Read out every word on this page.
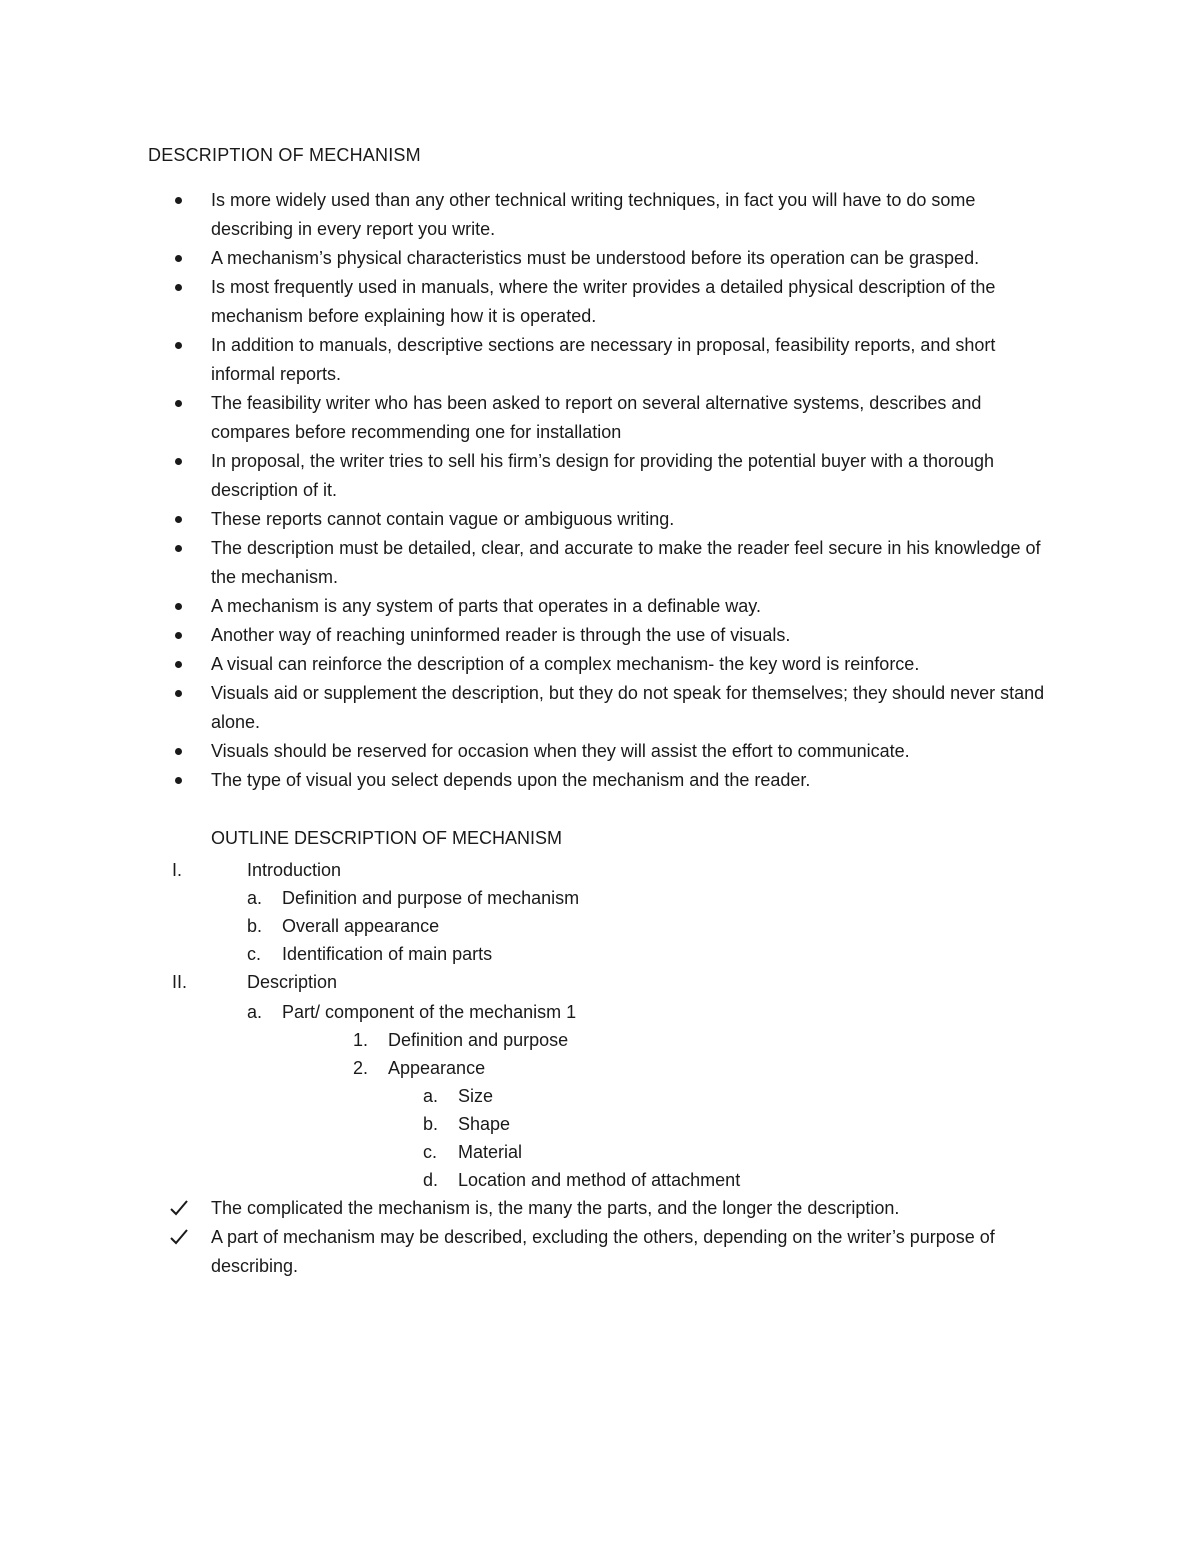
DESCRIPTION OF MECHANISM
Is more widely used than any other technical writing techniques, in fact you will have to do some describing in every report you write.
A mechanism’s physical characteristics must be understood before its operation can be grasped.
Is most frequently used in manuals, where the writer provides a detailed physical description of the mechanism before explaining how it is operated.
In addition to manuals, descriptive sections are necessary in proposal, feasibility reports, and short informal reports.
The feasibility writer who has been asked to report on several alternative systems, describes and compares before recommending one for installation
In proposal, the writer tries to sell his firm’s design for providing the potential buyer with a thorough description of it.
These reports cannot contain vague or ambiguous writing.
The description must be detailed, clear, and accurate to make the reader feel secure in his knowledge of the mechanism.
A mechanism is any system of parts that operates in a definable way.
Another way of reaching uninformed reader is through the use of visuals.
A visual can reinforce the description of a complex mechanism- the key word is reinforce.
Visuals aid or supplement the description, but they do not speak for themselves; they should never stand alone.
Visuals should be reserved for occasion when they will assist the effort to communicate.
The type of visual you select depends upon the mechanism and the reader.
OUTLINE DESCRIPTION OF MECHANISM
I.	Introduction
a. Definition and purpose of mechanism
b. Overall appearance
c. Identification of main parts
II.	Description
a. Part/ component of the mechanism 1
1. Definition and purpose
2. Appearance
a. Size
b. Shape
c. Material
d. Location and method of attachment
The complicated the mechanism is, the many the parts, and the longer the description.
A part of mechanism may be described, excluding the others, depending on the writer’s purpose of describing.
